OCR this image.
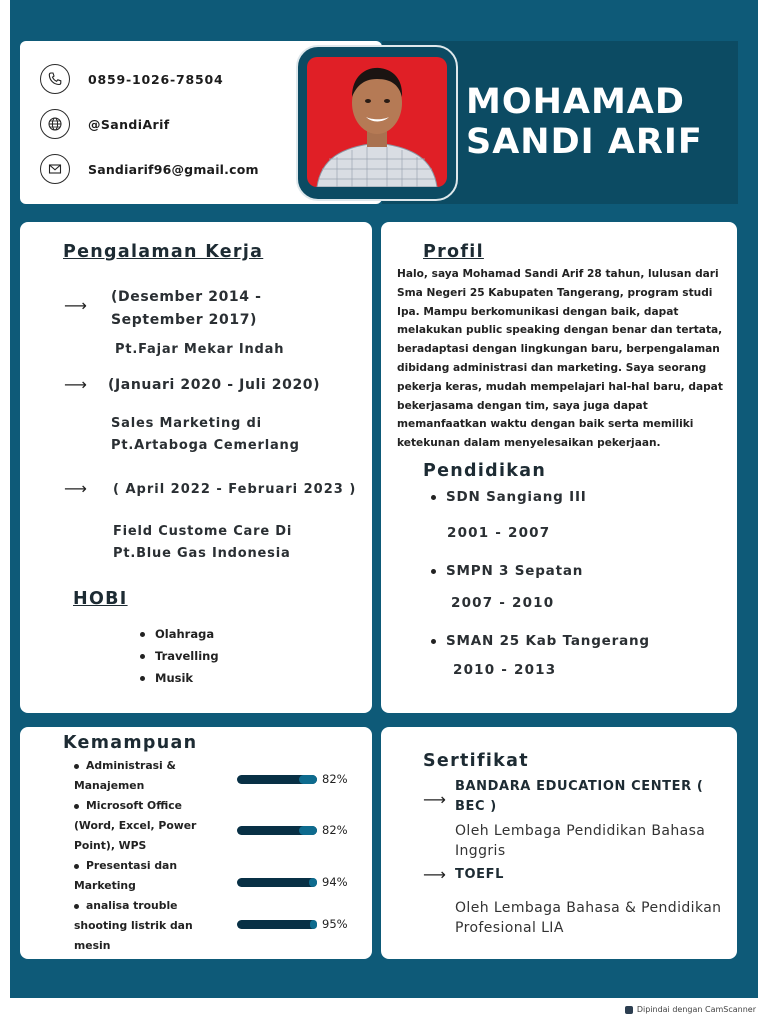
0859-1026-78504
@SandiArif
Sandiarif96@gmail.com
MOHAMAD
SANDI ARIF
Pengalaman Kerja
⟶ (Desember 2014 -
September 2017)
Pt.Fajar Mekar Indah
⟶ (Januari 2020 - Juli 2020)
Sales Marketing di
Pt.Artaboga Cemerlang
⟶ ( April 2022 - Februari 2023 )
Field Custome Care Di
Pt.Blue Gas Indonesia
HOBI
Olahraga
Travelling
Musik
Profil
Halo, saya Mohamad Sandi Arif 28 tahun, lulusan dari Sma Negeri 25 Kabupaten Tangerang, program studi Ipa. Mampu berkomunikasi dengan baik, dapat melakukan public speaking dengan benar dan tertata, beradaptasi dengan lingkungan baru, berpengalaman dibidang administrasi dan marketing. Saya seorang pekerja keras, mudah mempelajari hal-hal baru, dapat bekerjasama dengan tim, saya juga dapat memanfaatkan waktu dengan baik serta memiliki ketekunan dalam menyelesaikan pekerjaan.
Pendidikan
SDN Sangiang III
2001 - 2007
SMPN 3 Sepatan
2007 - 2010
SMAN 25 Kab Tangerang
2010 - 2013
Kemampuan
Administrasi & Manajemen	82%
Microsoft Office (Word, Excel, Power Point), WPS
82%
Presentasi dan Marketing	94%
analisa trouble shooting listrik dan mesin
95%
Sertifikat
⟶
BANDARA EDUCATION CENTER ( BEC )
Oleh Lembaga Pendidikan Bahasa Inggris
⟶ TOEFL
Oleh Lembaga Bahasa & Pendidikan Profesional LIA
Dipindai dengan CamScanner
